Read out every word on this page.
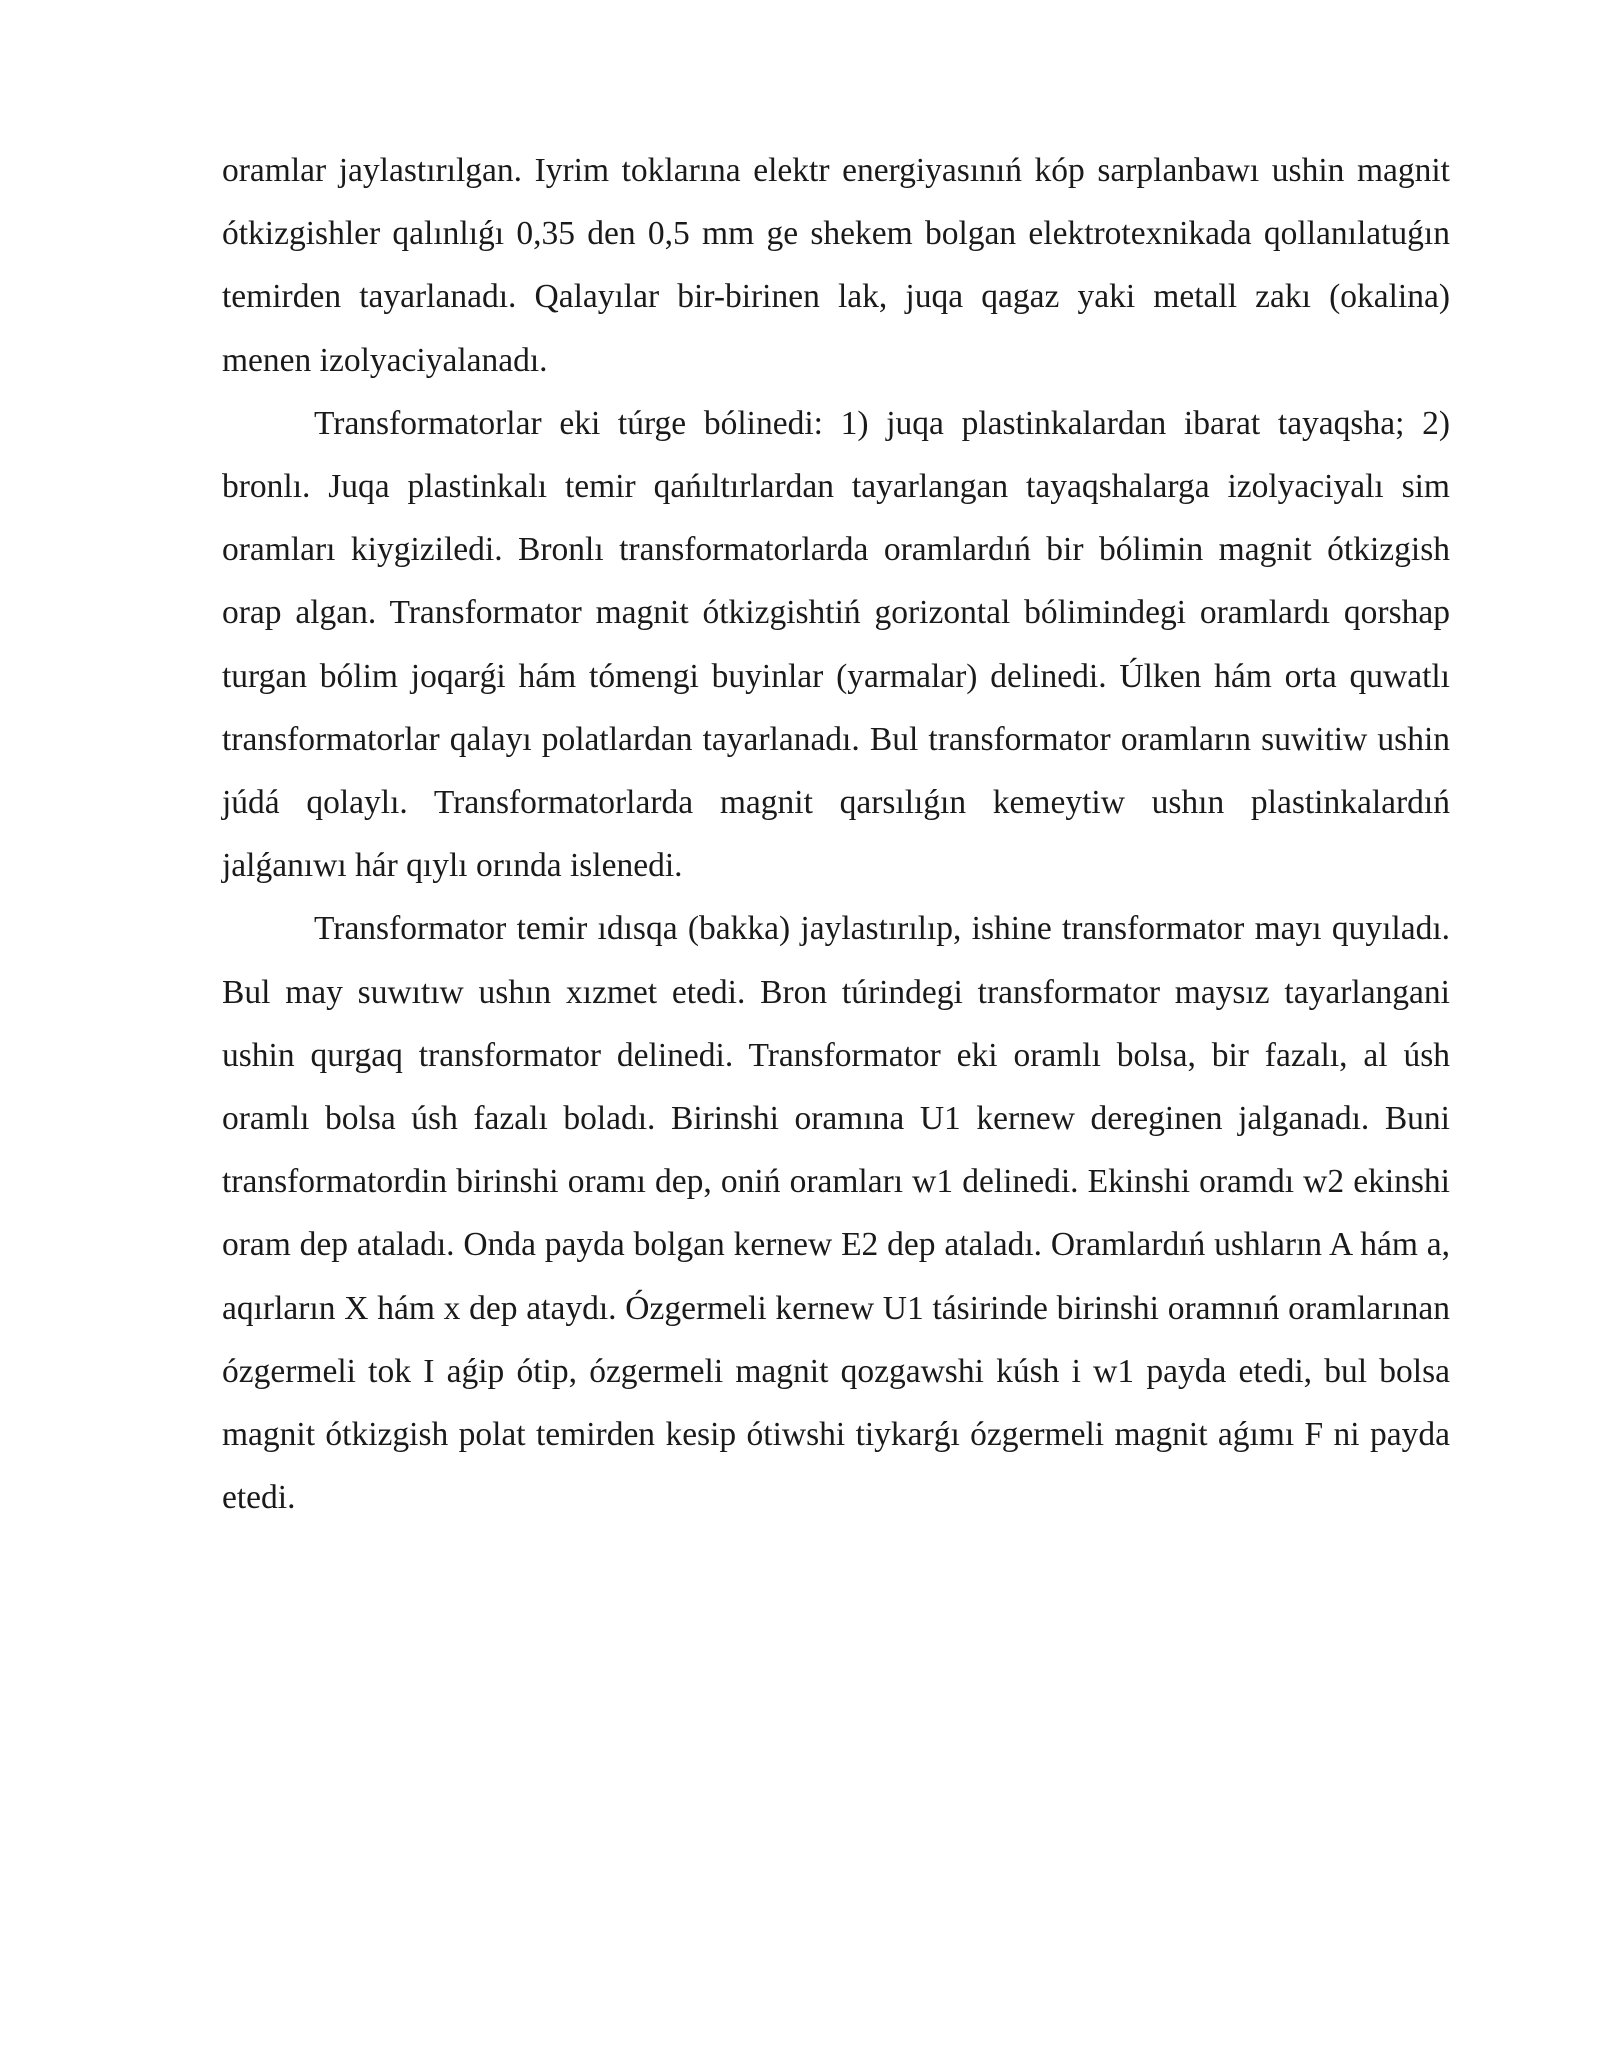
oramlar jaylastırılgan. Iyrim toklarına elektr energiyasınıń kóp sarplanbawı ushin magnit ótkizgishler qalınlıǵı 0,35 den 0,5 mm ge shekem bolgan elektrotexnikada qollanılatuǵın temirden tayarlanadı. Qalayılar bir-birinen lak, juqa qagaz yaki metall zakı (okalina) menen izolyaciyalanadı.

Transformatorlar eki túrge bólinedi: 1) juqa plastinkalardan ibarat tayaqsha; 2) bronlı. Juqa plastinkalı temir qańıltırlardan tayarlangan tayaqshalarga izolyaciyalı sim oramları kiygiziledi. Bronlı transformatorlarda oramlardıń bir bólimin magnit ótkizgish orap algan. Transformator magnit ótkizgishtiń gorizontal bólimindegi oramlardı qorshap turgan bólim joqarǵi hám tómengi buyinlar (yarmalar) delinedi. Úlken hám orta quwatlı transformatorlar qalayı polatlardan tayarlanadı. Bul transformator oramların suwitiw ushin júdá qolaylı. Transformatorlarda magnit qarsılıǵın kemeytiw ushın plastinkalardıń jalǵanıwı hár qıylı orında islenedi.

Transformator temir ıdısqa (bakka) jaylastırılıp, ishine transformator mayı quyıladı. Bul may suwıtıw ushın xızmet etedi. Bron túrindegi transformator maysız tayarlangani ushin qurgaq transformator delinedi. Transformator eki oramlı bolsa, bir fazalı, al úsh oramlı bolsa úsh fazalı boladı. Birinshi oramına U1 kernew dereginen jalganadı. Buni transformatordin birinshi oramı dep, oniń oramları w1 delinedi. Ekinshi oramdı w2 ekinshi oram dep ataladı. Onda payda bolgan kernew E2 dep ataladı. Oramlardıń ushların A hám a, aqırların X hám x dep ataydı. Ózgermeli kernew U1 tásirinde birinshi oramnıń oramlarınan ózgermeli tok I aǵip ótip, ózgermeli magnit qozgawshi kúsh i w1 payda etedi, bul bolsa magnit ótkizgish polat temirden kesip ótiwshi tiykarǵı ózgermeli magnit aǵımı F ni payda etedi.
